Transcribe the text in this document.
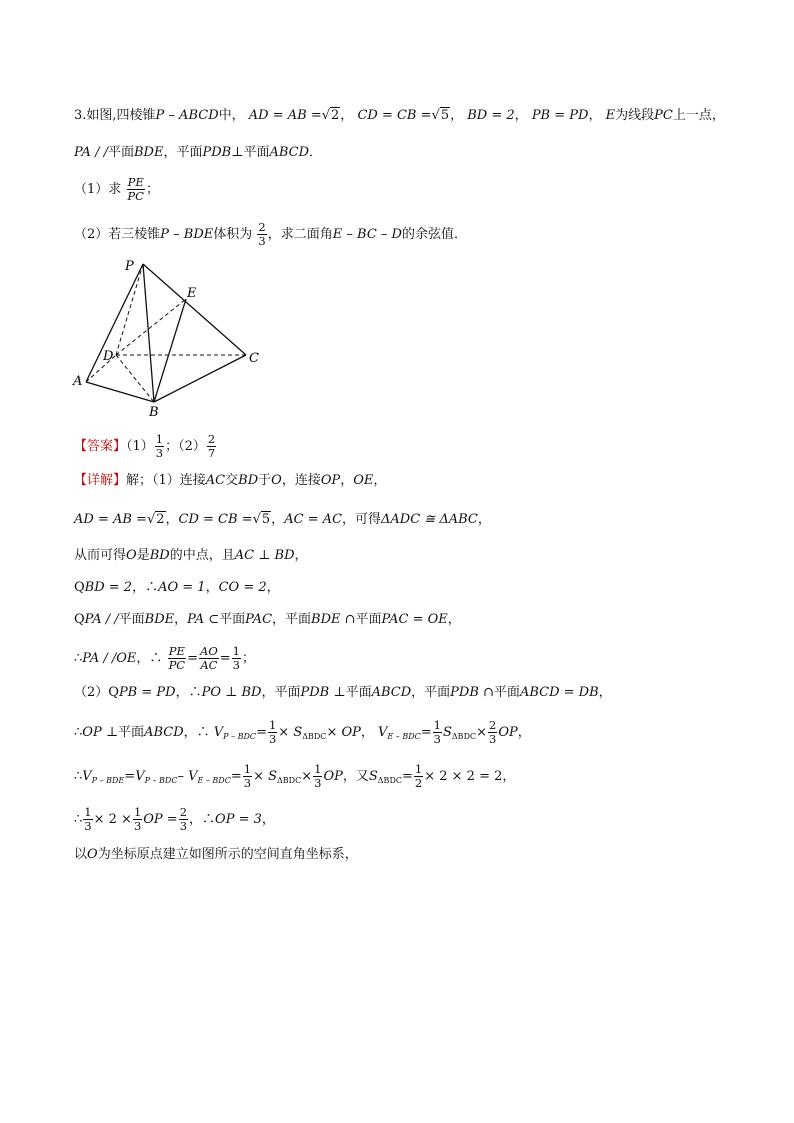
3.如图,四棱锥P – ABCD中， AD = AB =√2， CD = CB =√5， BD = 2， PB = PD， E为线段PC上一点，
PA / /平面BDE，平面PDB⊥平面ABCD．
（1）求 $\frac{PE}{PC}$ ；
（2）若三棱锥P – BDE体积为 $\frac{2}{3}$ ，求二面角E – BC – D的余弦值．
P
E
D	C
A
B
【答案】$(1) \frac{1}{3}$ ；$(2) \frac{2}{7}$
【详解】解；（1）连接AC交BD于O，连接OP，OE，
AD = AB =√2，CD = CB =√5，AC = AC，可得ΔADC ≅ ΔABC，
从而可得O是BD的中点，且AC ⊥ BD，
QBD = 2，∴AO = 1，CO = 2，
QPA / /平面BDE，PA ⊂平面PAC，平面BDE ∩平面PAC = OE，
∴PA / /OE，∴ $\frac{PE}{PC} = \frac{AO}{AC} = \frac{1}{3}$ ；
（2）QPB = PD，∴PO ⊥ BD，平面PDB ⊥平面ABCD，平面PDB ∩平面ABCD = DB，
∴OP ⊥平面ABCD，∴ $V_{P - BDC}= \frac{1}{3} \times S_{\Delta BDC}\times$ OP， $V_{E - BDC}= \frac{1}{3} S_{\Delta BDC}\times \frac{2}{3}$ OP，
$\therefore V_{P - BDE}=V_{P - BDC}-$ $V_{E - BDC}= \frac{1}{3} \times S_{\Delta BDC}\times \frac{1}{3}$ OP，又$S_{\Delta BDC}= \frac{1}{2} \times 2 \times 2 = 2$，
∴ $\frac{1}{3} \times 2 \times \frac{1}{3}$ OP = $\frac{2}{3}$ ，∴OP = 3，
以O为坐标原点建立如图所示的空间直角坐标系，
